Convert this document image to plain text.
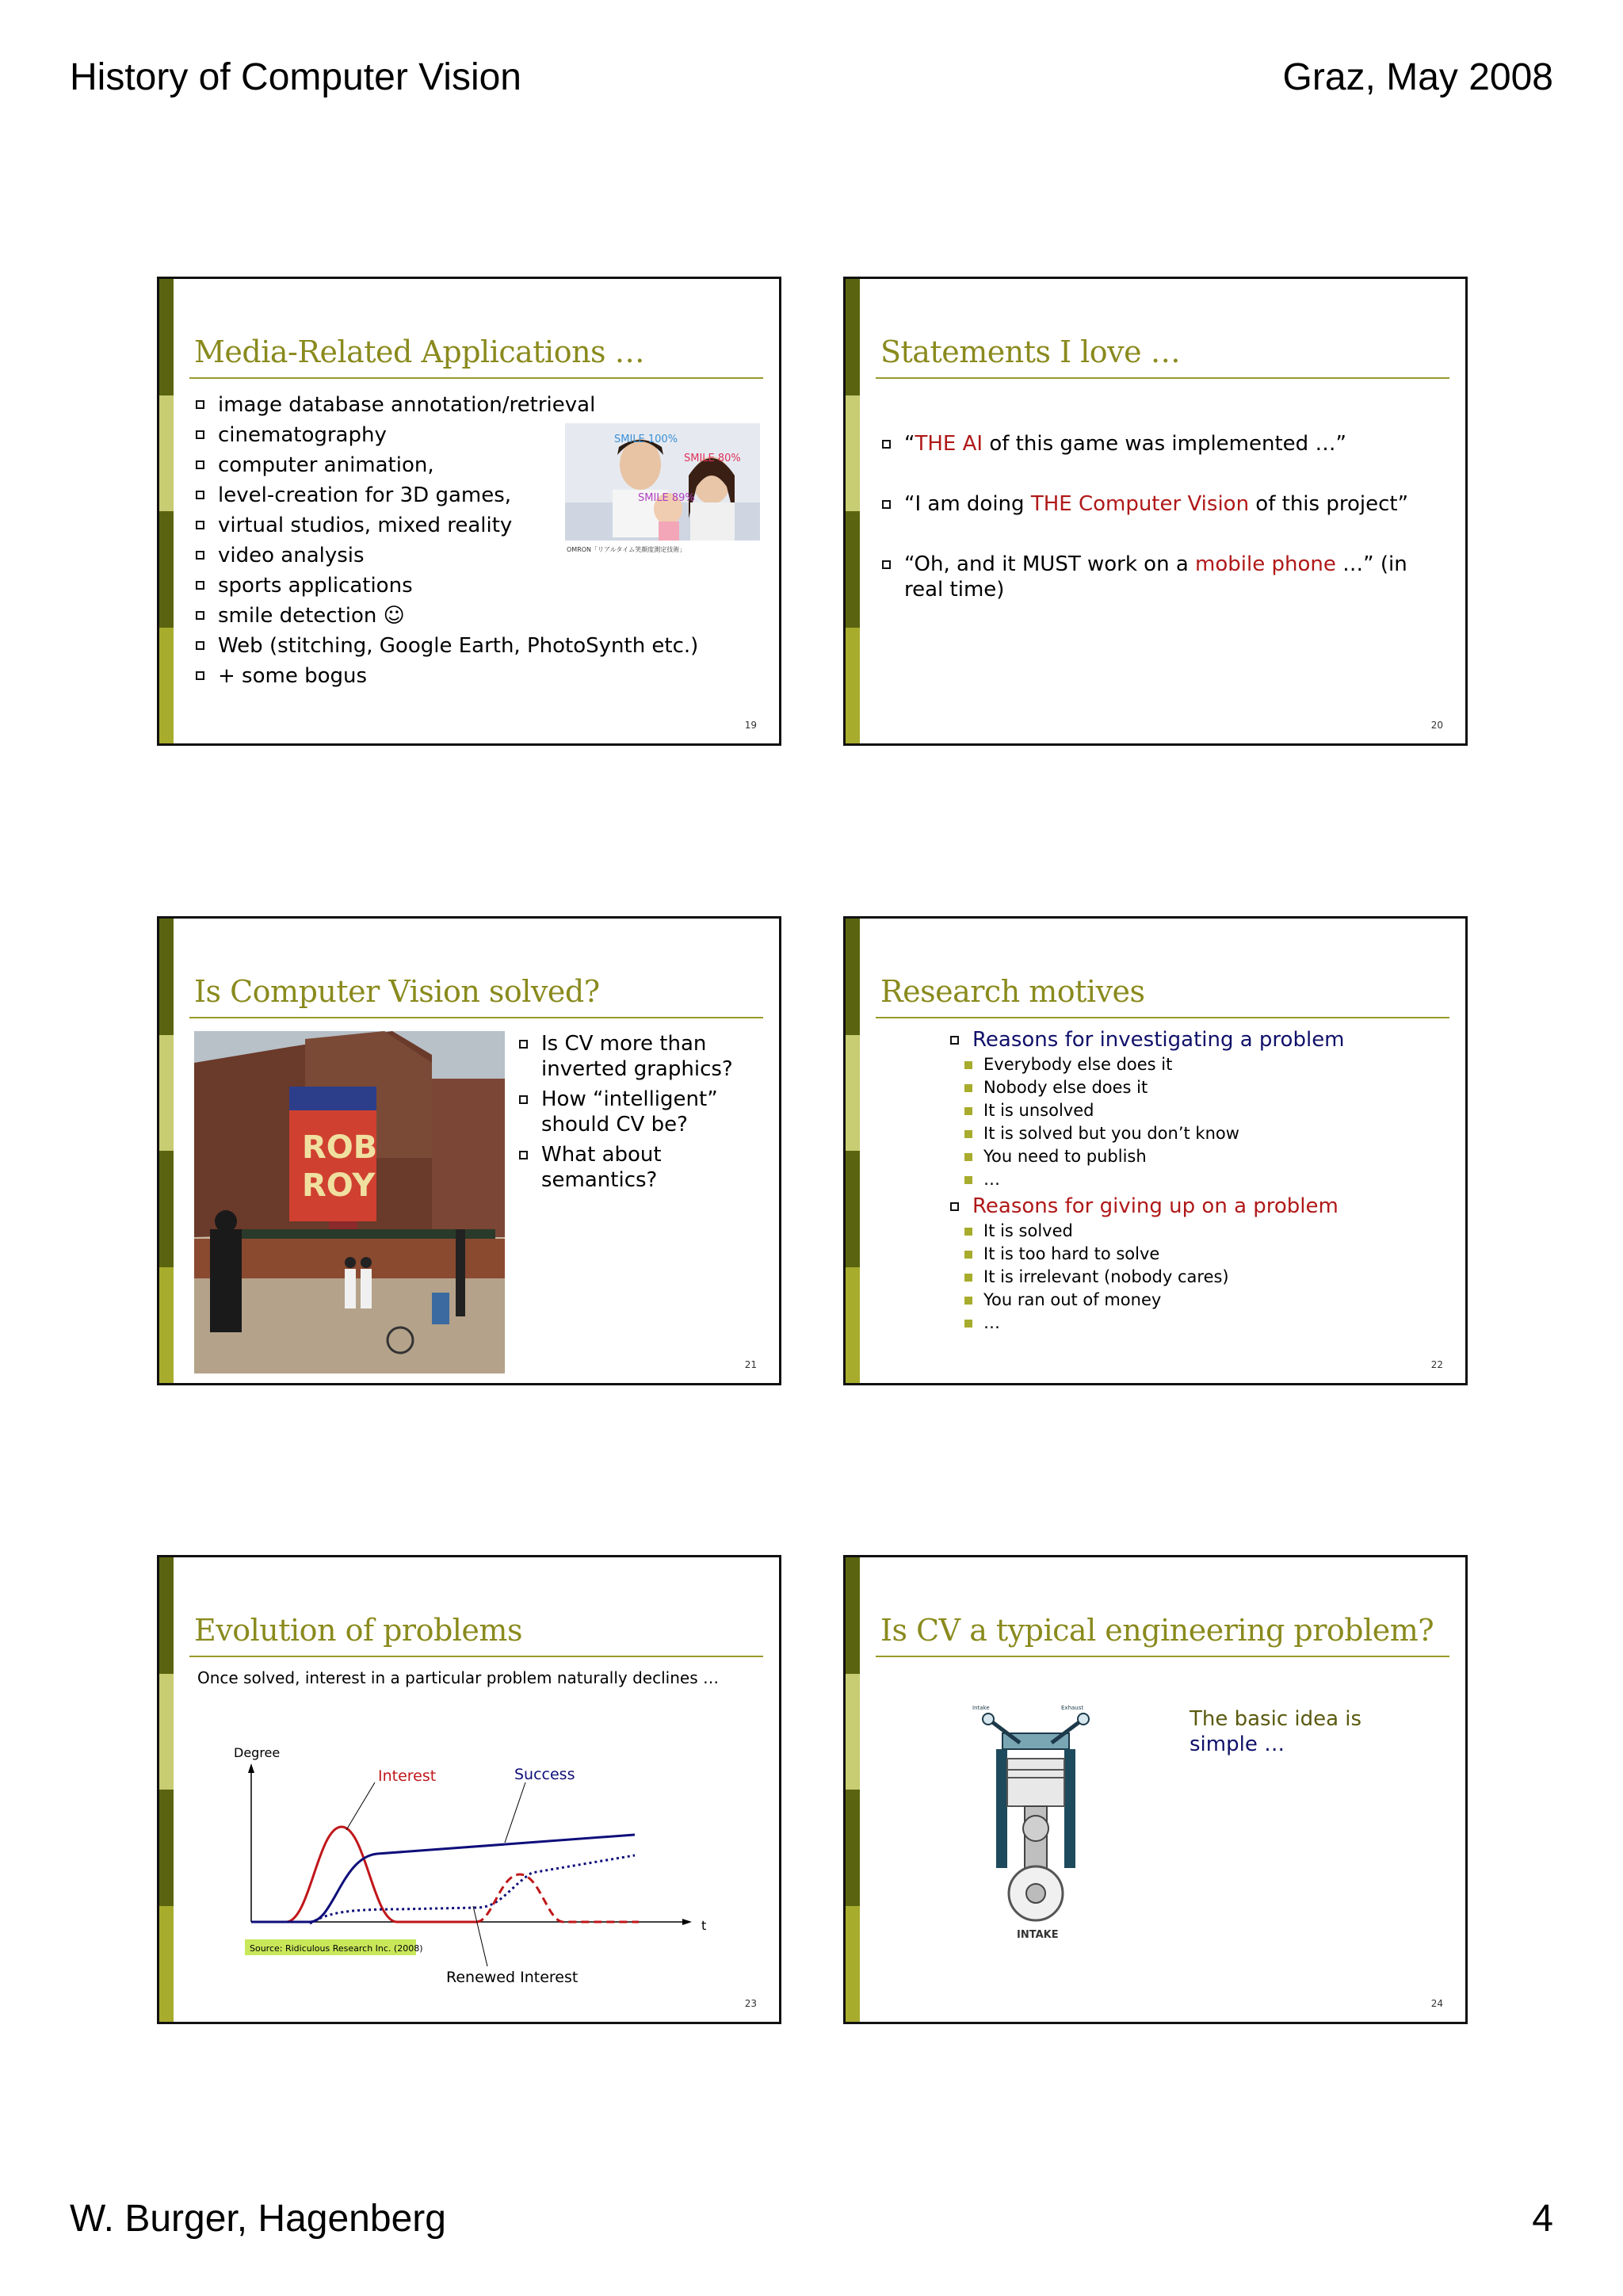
History of Computer Vision	Graz, May 2008
Media-Related Applications …
image database annotation/retrieval
cinematography
computer animation,
level-creation for 3D games,
virtual studios, mixed reality
video analysis
sports applications
smile detection ☺
Web (stitching, Google Earth, PhotoSynth etc.)
+ some bogus
SMILE 100%
SMILE 80%
SMILE 89%
OMRON「リアルタイム笑顔度測定技術」
19
Statements I love …
“THE AI of this game was implemented …”
“I am doing THE Computer Vision of this project”
“Oh, and it MUST work on a mobile phone …” (in real time)
20
Is Computer Vision solved?
ROB
ROY
Is CV more than inverted graphics?
How “intelligent” should CV be?
What about semantics?
21
Research motives
Reasons for investigating a problem
Everybody else does it
Nobody else does it
It is unsolved
It is solved but you don’t know
You need to publish
…
Reasons for giving up on a problem
It is solved
It is too hard to solve
It is irrelevant (nobody cares)
You ran out of money
…
22
Evolution of problems
Once solved, interest in a particular problem naturally declines …
Degree
t
Interest	Success
Renewed Interest
Source: Ridiculous Research Inc. (2008)
23
Is CV a typical engineering problem?
Intake	Exhaust
INTAKE
The basic idea is
simple …
24
W. Burger, Hagenberg	4
